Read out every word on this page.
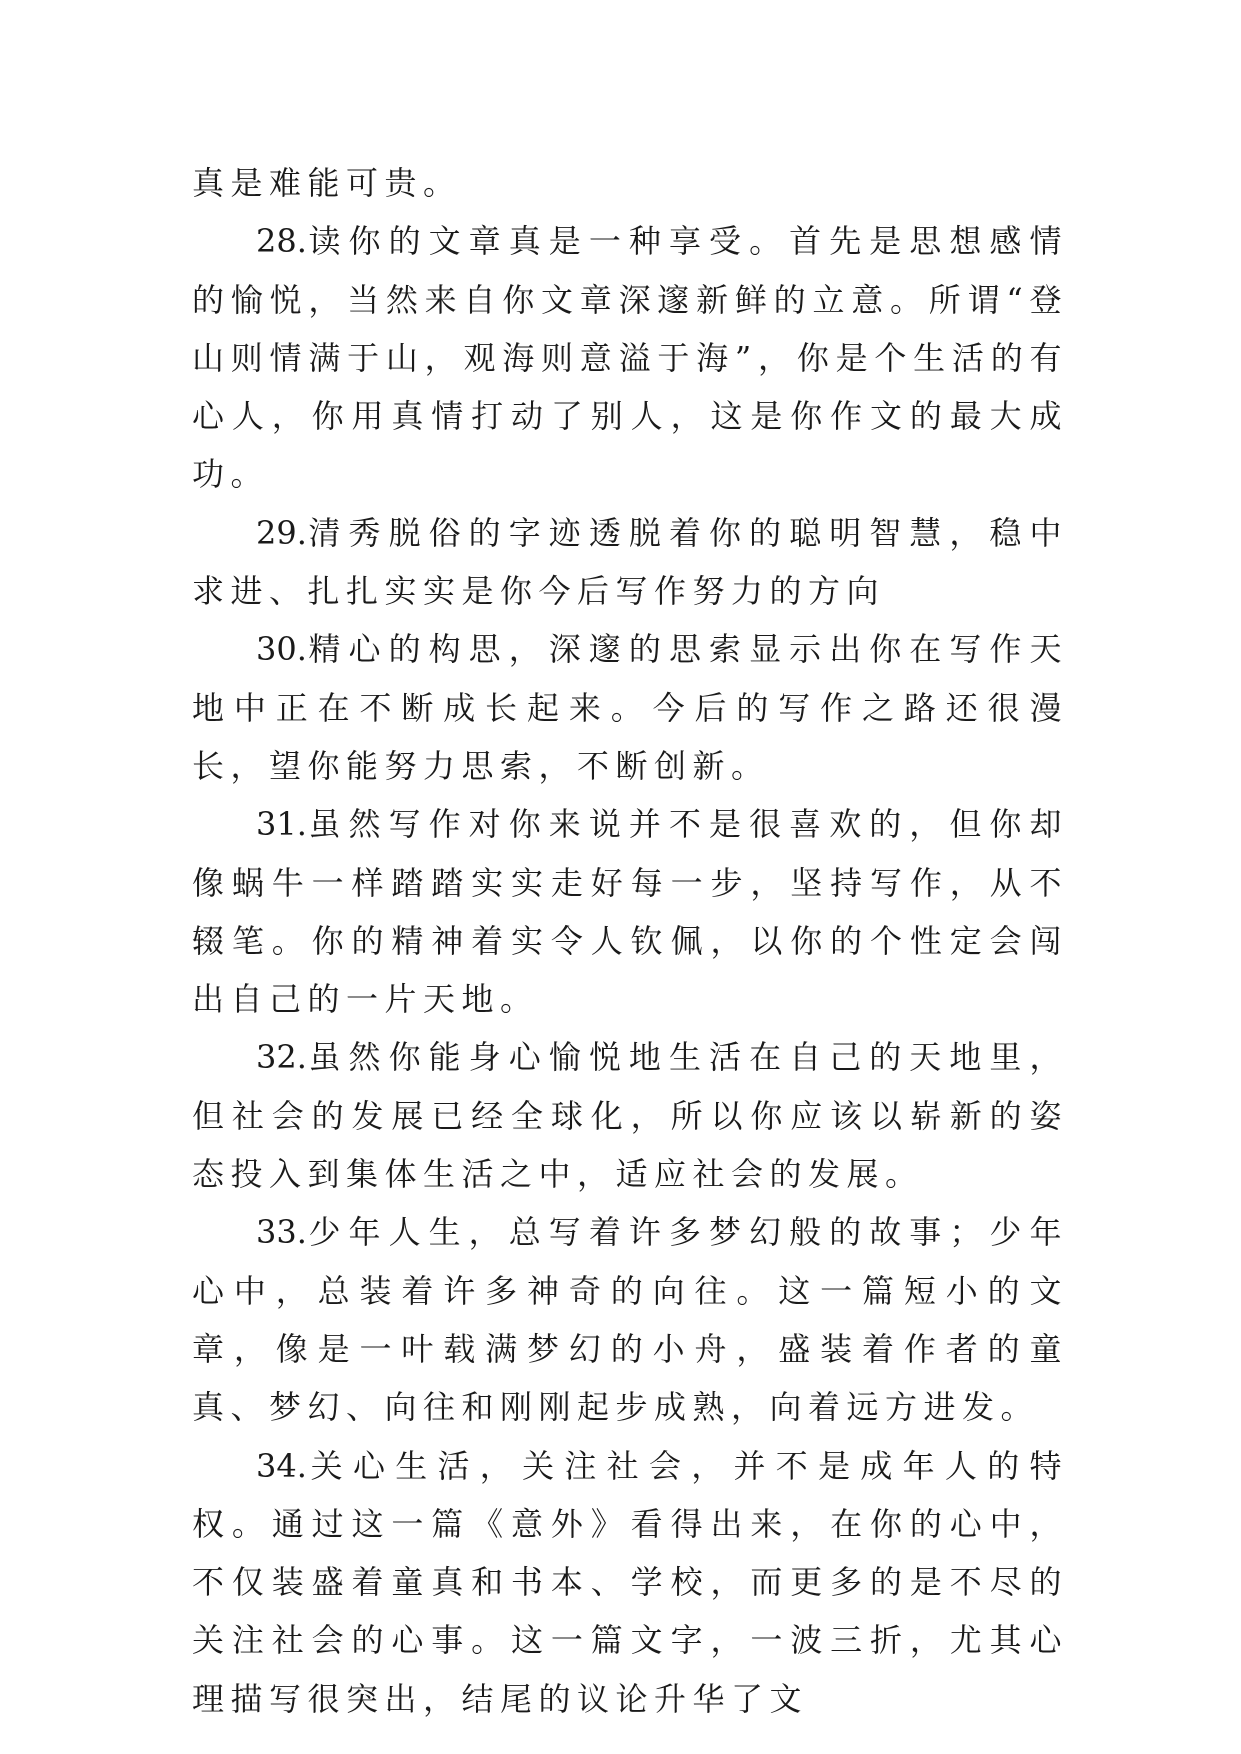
真是难能可贵。

28.读你的文章真是一种享受。首先是思想感情的愉悦，当然来自你文章深邃新鲜的立意。所谓“登山则情满于山，观海则意溢于海”，你是个生活的有心人，你用真情打动了别人，这是你作文的最大成功。

29.清秀脱俗的字迹透脱着你的聪明智慧，稳中求进、扎扎实实是你今后写作努力的方向

30.精心的构思，深邃的思索显示出你在写作天地中正在不断成长起来。今后的写作之路还很漫长，望你能努力思索，不断创新。

31.虽然写作对你来说并不是很喜欢的，但你却像蜗牛一样踏踏实实走好每一步，坚持写作，从不辍笔。你的精神着实令人钦佩，以你的个性定会闯出自己的一片天地。

32.虽然你能身心愉悦地生活在自己的天地里，但社会的发展已经全球化，所以你应该以崭新的姿态投入到集体生活之中，适应社会的发展。

33.少年人生，总写着许多梦幻般的故事；少年心中，总装着许多神奇的向往。这一篇短小的文章，像是一叶载满梦幻的小舟，盛装着作者的童真、梦幻、向往和刚刚起步成熟，向着远方进发。

34.关心生活，关注社会，并不是成年人的特权。通过这一篇《意外》看得出来，在你的心中，不仅装盛着童真和书本、学校，而更多的是不尽的关注社会的心事。这一篇文字，一波三折，尤其心理描写很突出，结尾的议论升华了文
